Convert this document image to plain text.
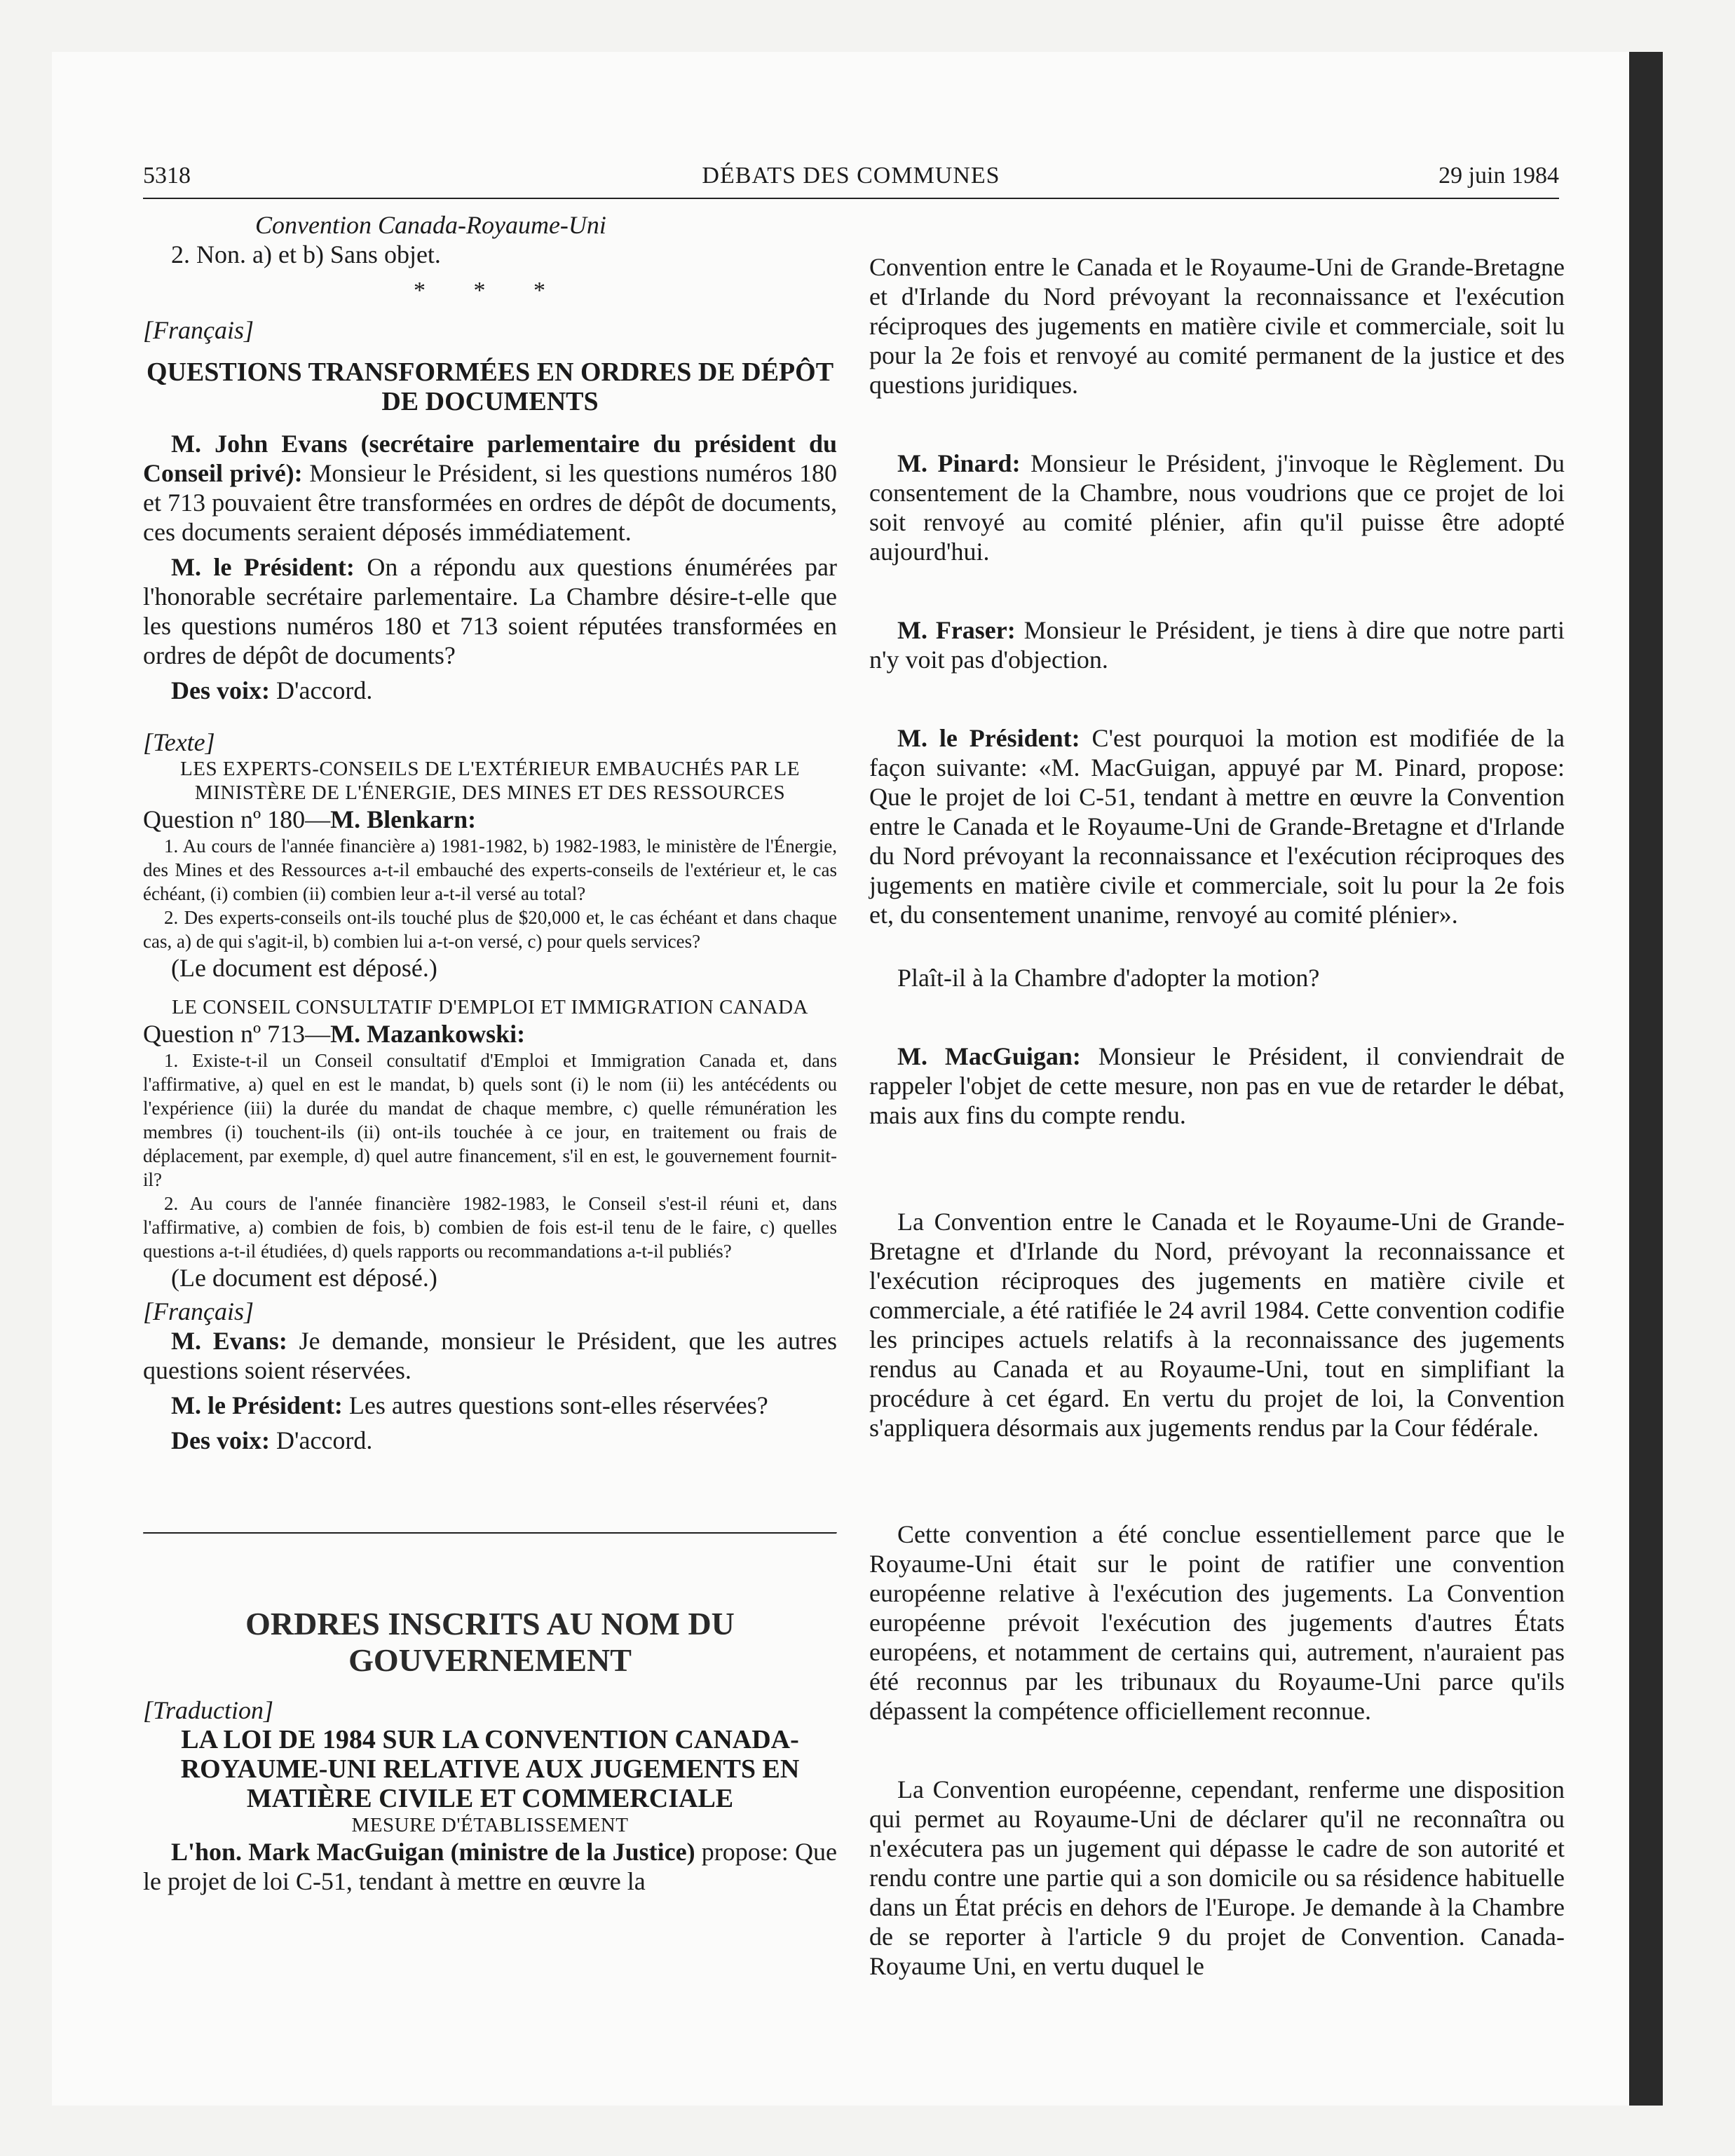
5318	DÉBATS DES COMMUNES	29 juin 1984

Convention Canada-Royaume-Uni

2. Non. a) et b) Sans objet.

* * *

[Français]

QUESTIONS TRANSFORMÉES EN ORDRES DE DÉPÔT DE DOCUMENTS

M. John Evans (secrétaire parlementaire du président du Conseil privé): Monsieur le Président, si les questions numéros 180 et 713 pouvaient être transformées en ordres de dépôt de documents, ces documents seraient déposés immédiatement.

M. le Président: On a répondu aux questions énumérées par l'honorable secrétaire parlementaire. La Chambre désire-t-elle que les questions numéros 180 et 713 soient réputées transformées en ordres de dépôt de documents?

Des voix: D'accord.

[Texte]

LES EXPERTS-CONSEILS DE L'EXTÉRIEUR EMBAUCHÉS PAR LE MINISTÈRE DE L'ÉNERGIE, DES MINES ET DES RESSOURCES

Question nº 180—M. Blenkarn:

1. Au cours de l'année financière a) 1981-1982, b) 1982-1983, le ministère de l'Énergie, des Mines et des Ressources a-t-il embauché des experts-conseils de l'extérieur et, le cas échéant, (i) combien (ii) combien leur a-t-il versé au total?

2. Des experts-conseils ont-ils touché plus de $20,000 et, le cas échéant et dans chaque cas, a) de qui s'agit-il, b) combien lui a-t-on versé, c) pour quels services?

(Le document est déposé.)

LE CONSEIL CONSULTATIF D'EMPLOI ET IMMIGRATION CANADA

Question nº 713—M. Mazankowski:

1. Existe-t-il un Conseil consultatif d'Emploi et Immigration Canada et, dans l'affirmative, a) quel en est le mandat, b) quels sont (i) le nom (ii) les antécédents ou l'expérience (iii) la durée du mandat de chaque membre, c) quelle rémunération les membres (i) touchent-ils (ii) ont-ils touchée à ce jour, en traitement ou frais de déplacement, par exemple, d) quel autre financement, s'il en est, le gouvernement fournit-il?

2. Au cours de l'année financière 1982-1983, le Conseil s'est-il réuni et, dans l'affirmative, a) combien de fois, b) combien de fois est-il tenu de le faire, c) quelles questions a-t-il étudiées, d) quels rapports ou recommandations a-t-il publiés?

(Le document est déposé.)

[Français]

M. Evans: Je demande, monsieur le Président, que les autres questions soient réservées.

M. le Président: Les autres questions sont-elles réservées?

Des voix: D'accord.

ORDRES INSCRITS AU NOM DU GOUVERNEMENT

[Traduction]

LA LOI DE 1984 SUR LA CONVENTION CANADA-ROYAUME-UNI RELATIVE AUX JUGEMENTS EN MATIÈRE CIVILE ET COMMERCIALE

MESURE D'ÉTABLISSEMENT

L'hon. Mark MacGuigan (ministre de la Justice) propose: Que le projet de loi C-51, tendant à mettre en œuvre la

Convention entre le Canada et le Royaume-Uni de Grande-Bretagne et d'Irlande du Nord prévoyant la reconnaissance et l'exécution réciproques des jugements en matière civile et commerciale, soit lu pour la 2e fois et renvoyé au comité permanent de la justice et des questions juridiques.

M. Pinard: Monsieur le Président, j'invoque le Règlement. Du consentement de la Chambre, nous voudrions que ce projet de loi soit renvoyé au comité plénier, afin qu'il puisse être adopté aujourd'hui.

M. Fraser: Monsieur le Président, je tiens à dire que notre parti n'y voit pas d'objection.

M. le Président: C'est pourquoi la motion est modifiée de la façon suivante: «M. MacGuigan, appuyé par M. Pinard, propose: Que le projet de loi C-51, tendant à mettre en œuvre la Convention entre le Canada et le Royaume-Uni de Grande-Bretagne et d'Irlande du Nord prévoyant la reconnaissance et l'exécution réciproques des jugements en matière civile et commerciale, soit lu pour la 2e fois et, du consentement unanime, renvoyé au comité plénier».

Plaît-il à la Chambre d'adopter la motion?

M. MacGuigan: Monsieur le Président, il conviendrait de rappeler l'objet de cette mesure, non pas en vue de retarder le débat, mais aux fins du compte rendu.

La Convention entre le Canada et le Royaume-Uni de Grande-Bretagne et d'Irlande du Nord, prévoyant la reconnaissance et l'exécution réciproques des jugements en matière civile et commerciale, a été ratifiée le 24 avril 1984. Cette convention codifie les principes actuels relatifs à la reconnaissance des jugements rendus au Canada et au Royaume-Uni, tout en simplifiant la procédure à cet égard. En vertu du projet de loi, la Convention s'appliquera désormais aux jugements rendus par la Cour fédérale.

Cette convention a été conclue essentiellement parce que le Royaume-Uni était sur le point de ratifier une convention européenne relative à l'exécution des jugements. La Convention européenne prévoit l'exécution des jugements d'autres États européens, et notamment de certains qui, autrement, n'auraient pas été reconnus par les tribunaux du Royaume-Uni parce qu'ils dépassent la compétence officiellement reconnue.

La Convention européenne, cependant, renferme une disposition qui permet au Royaume-Uni de déclarer qu'il ne reconnaîtra ou n'exécutera pas un jugement qui dépasse le cadre de son autorité et rendu contre une partie qui a son domicile ou sa résidence habituelle dans un État précis en dehors de l'Europe. Je demande à la Chambre de se reporter à l'article 9 du projet de Convention. Canada-Royaume Uni, en vertu duquel le
